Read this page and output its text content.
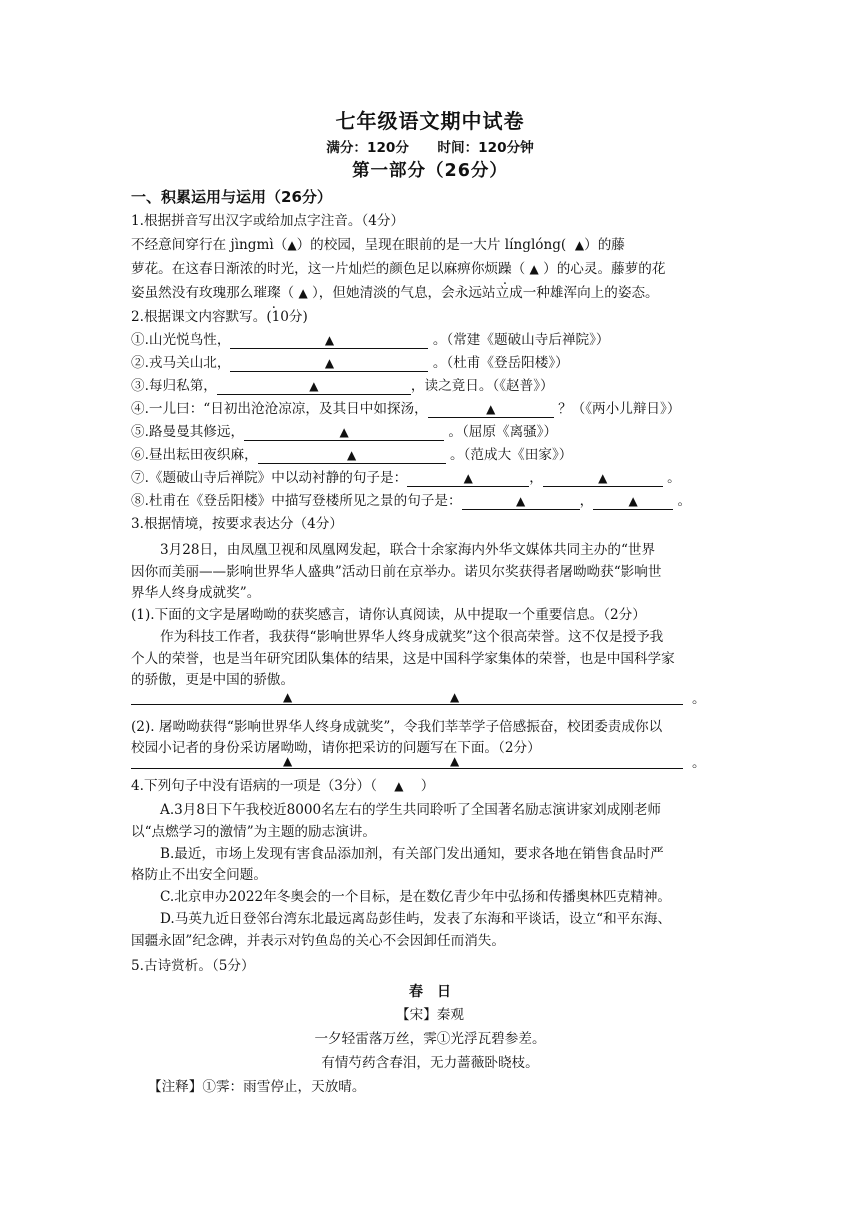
七年级语文期中试卷
满分：120分 时间：120分钟
第一部分（26分）
一、积累运用与运用（26分）
1.根据拼音写出汉字或给加点字注音。（4分）
不经意间穿行在 jìngmì（▲）的校园，呈现在眼前的是一大片 línglóng( ▲）的藤
萝花。在这春日渐浓的时光，这一片灿烂的颜色足以麻痹你烦躁（ ▲ ）的心灵。藤萝的花
姿虽然没有玫瑰那么璀璨（ ▲ ），但她清淡的气息，会永远站立成一种雄浑向上的姿态。
2.根据课文内容默写。(10分)
①.山光悦鸟性，	▲	。（常建《题破山寺后禅院》）
②.戎马关山北，	▲	。（杜甫《登岳阳楼》）
③.每归私第，	▲	，读之竟日。（《赵普》）
④.一儿曰：“日初出沧沧凉凉，及其日中如探汤，	▲	？（《两小儿辩日》）
⑤.路曼曼其修远，	▲	。（屈原《离骚》）
⑥.昼出耘田夜织麻，	▲	。（范成大《田家》）
⑦.《题破山寺后禅院》中以动衬静的句子是：	▲	，	▲	。
⑧.杜甫在《登岳阳楼》中描写登楼所见之景的句子是：	▲	，	▲	。
3.根据情境，按要求表达分（4分）
3月28日，由凤凰卫视和凤凰网发起，联合十余家海内外华文媒体共同主办的“世界
因你而美丽——影响世界华人盛典”活动日前在京举办。诺贝尔奖获得者屠呦呦获“影响世
界华人终身成就奖”。
(1).下面的文字是屠呦呦的获奖感言，请你认真阅读，从中提取一个重要信息。（2分）
作为科技工作者，我获得“影响世界华人终身成就奖”这个很高荣誉。这不仅是授予我
个人的荣誉，也是当年研究团队集体的结果，这是中国科学家集体的荣誉，也是中国科学家
的骄傲，更是中国的骄傲。
▲	▲	。
(2). 屠呦呦获得“影响世界华人终身成就奖”，令我们莘莘学子倍感振奋，校团委责成你以
校园小记者的身份采访屠呦呦，请你把采访的问题写在下面。（2分）
▲	▲	。
4.下列句子中没有语病的一项是（3分）（ ▲ ）
A.3月8日下午我校近8000名左右的学生共同聆听了全国著名励志演讲家刘成刚老师
以“点燃学习的激情”为主题的励志演讲。
B.最近，市场上发现有害食品添加剂，有关部门发出通知，要求各地在销售食品时严
格防止不出安全问题。
C.北京申办2022年冬奥会的一个目标，是在数亿青少年中弘扬和传播奥林匹克精神。
D.马英九近日登邻台湾东北最远离岛彭佳屿，发表了东海和平谈话，设立“和平东海、
国疆永固”纪念碑，并表示对钓鱼岛的关心不会因卸任而消失。
5.古诗赏析。（5分）
春日
【宋】秦观
一夕轻雷落万丝，霁①光浮瓦碧参差。
有情芍药含春泪，无力蔷薇卧晓枝。
【注释】①霁：雨雪停止，天放晴。
